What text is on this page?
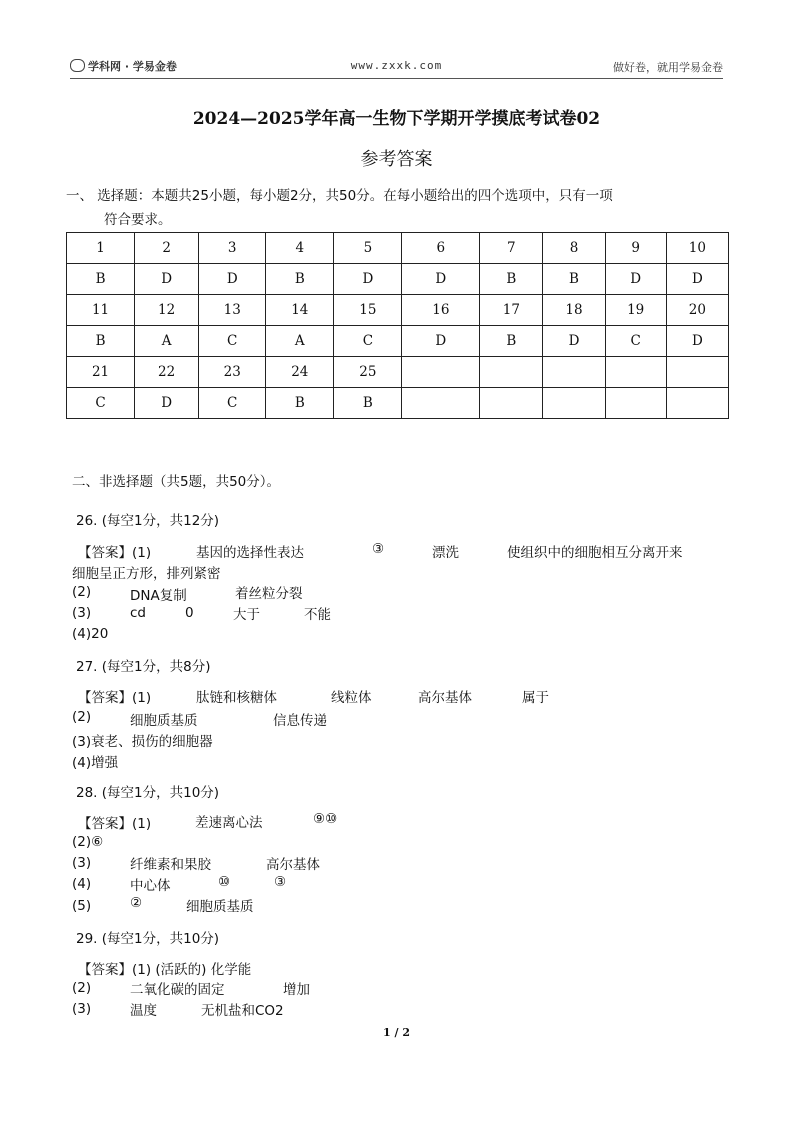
学科网 · 学易金卷	www.zxxk.com	做好卷，就用学易金卷
2024—2025学年高一生物下学期开学摸底考试卷02
参考答案
一、 选择题：本题共25小题，每小题2分，共50分。在每小题给出的四个选项中，只有一项
符合要求。
1	2	3	4	5	6	7	8	9	10
B	D	D	B	D	D	B	B	D	D
11	12	13	14	15	16	17	18	19	20
B	A	C	A	C	D	B	D	C	D
21	22	23	24	25					
C	D	C	B	B					
二、非选择题（共5题，共50分）。
26. (每空1分，共12分)
【答案】(1)	基因的选择性表达	③	漂洗	使组织中的细胞相互分离开来
细胞呈正方形，排列紧密
(2)	DNA复制	着丝粒分裂
(3)	cd	0	大于	不能
(4)20
27. (每空1分，共8分)
【答案】(1)	肽链和核糖体	线粒体	高尔基体	属于
(2)	细胞质基质	信息传递
(3)衰老、损伤的细胞器
(4)增强
28. (每空1分，共10分)
【答案】(1)	差速离心法	⑨⑩
(2)⑥
(3)	纤维素和果胶	高尔基体
(4)	中心体	⑩	③
(5)	②	细胞质基质
29. (每空1分，共10分)
【答案】(1) (活跃的) 化学能
(2)	二氧化碳的固定	增加
(3)	温度	无机盐和CO2
1 / 2
